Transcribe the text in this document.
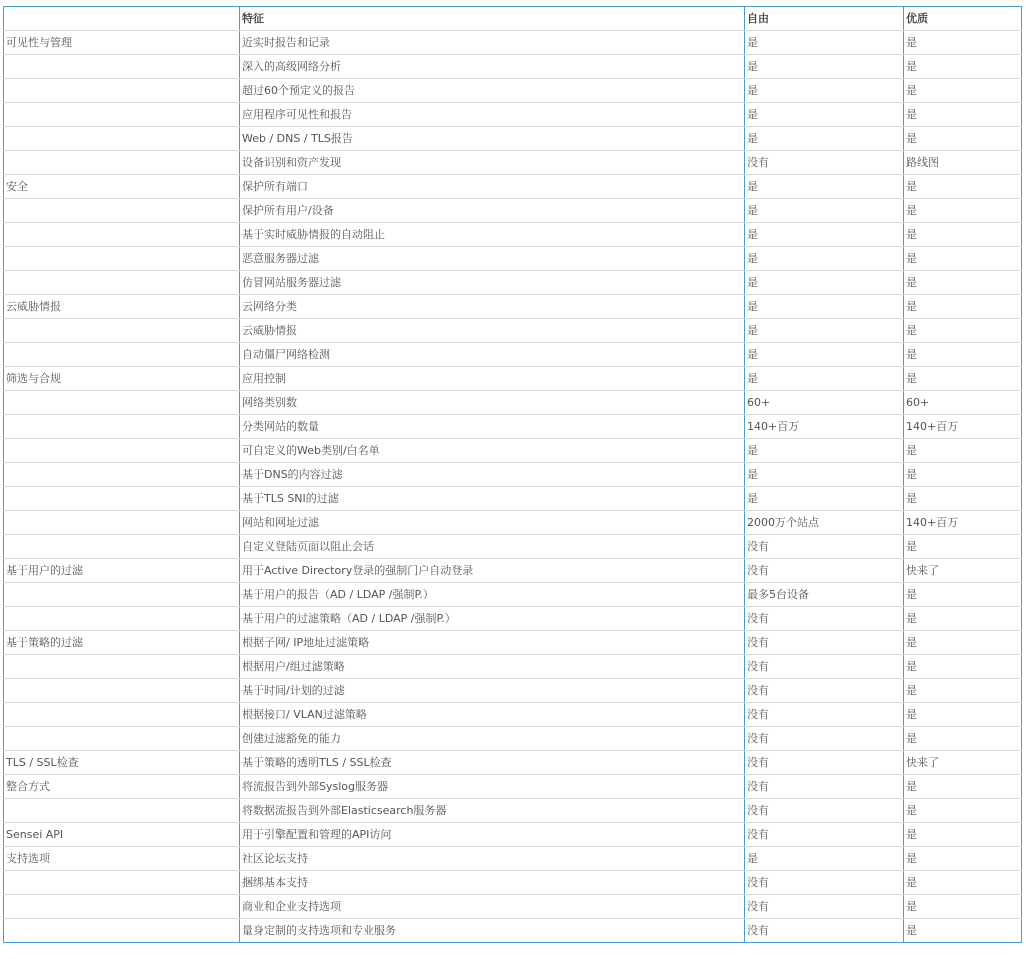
	特征	自由	优质
可见性与管理	近实时报告和记录	是	是
	深入的高级网络分析	是	是
	超过60个预定义的报告	是	是
	应用程序可见性和报告	是	是
	Web / DNS / TLS报告	是	是
	设备识别和资产发现	没有	路线图
安全	保护所有端口	是	是
	保护所有用户/设备	是	是
	基于实时威胁情报的自动阻止	是	是
	恶意服务器过滤	是	是
	仿冒网站服务器过滤	是	是
云威胁情报	云网络分类	是	是
	云威胁情报	是	是
	自动僵尸网络检测	是	是
筛选与合规	应用控制	是	是
	网络类别数	60+	60+
	分类网站的数量	140+百万	140+百万
	可自定义的Web类别/白名单	是	是
	基于DNS的内容过滤	是	是
	基于TLS SNI的过滤	是	是
	网站和网址过滤	2000万个站点	140+百万
	自定义登陆页面以阻止会话	没有	是
基于用户的过滤	用于Active Directory登录的强制门户自动登录	没有	快来了
	基于用户的报告（AD / LDAP /强制P.）	最多5台设备	是
	基于用户的过滤策略（AD / LDAP /强制P.）	没有	是
基于策略的过滤	根据子网/ IP地址过滤策略	没有	是
	根据用户/组过滤策略	没有	是
	基于时间/计划的过滤	没有	是
	根据接口/ VLAN过滤策略	没有	是
	创建过滤豁免的能力	没有	是
TLS / SSL检查	基于策略的透明TLS / SSL检查	没有	快来了
整合方式	将流报告到外部Syslog服务器	没有	是
	将数据流报告到外部Elasticsearch服务器	没有	是
Sensei API	用于引擎配置和管理的API访问	没有	是
支持选项	社区论坛支持	是	是
	捆绑基本支持	没有	是
	商业和企业支持选项	没有	是
	量身定制的支持选项和专业服务	没有	是
